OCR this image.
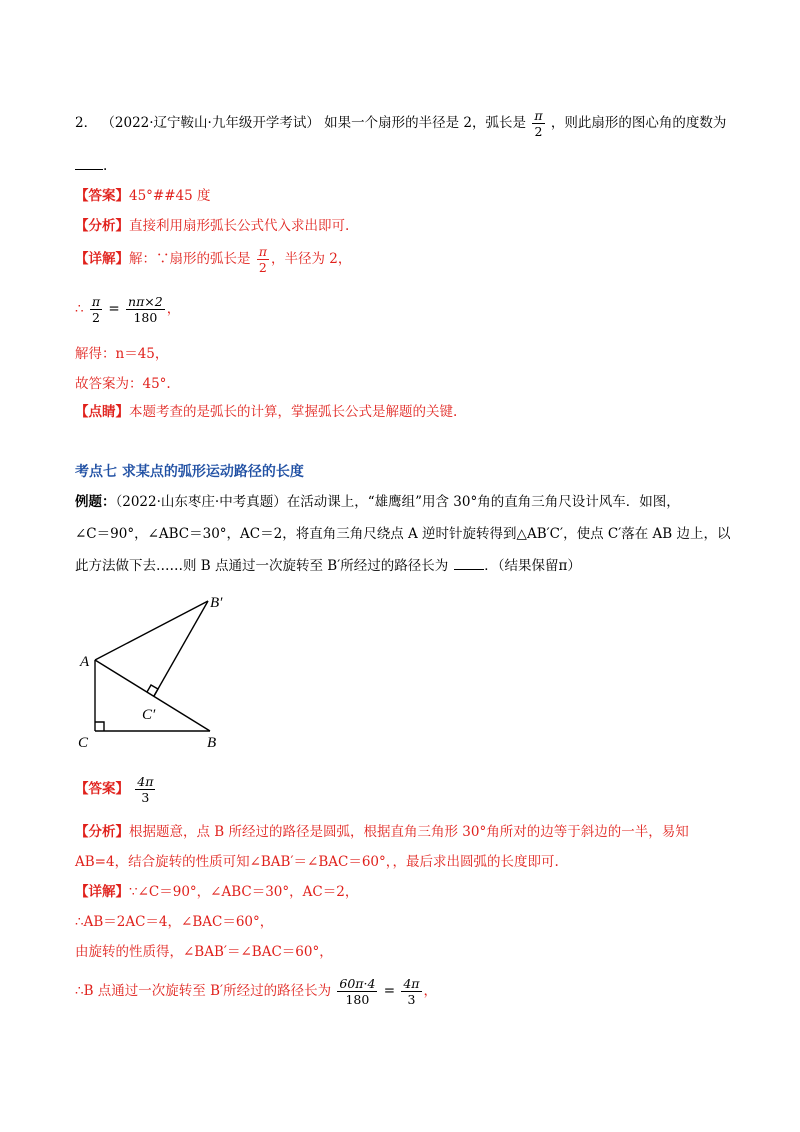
2． （2022·辽宁鞍山·九年级开学考试） 如果一个扇形的半径是 2，弧长是 $\frac{\pi}{2}$ ，则此扇形的图心角的度数为
.
【答案】45°##45 度
【分析】直接利用扇形弧长公式代入求出即可.
【详解】解：∵扇形的弧长是 $\frac{\pi}{2}$ ，半径为 2，
∴ $\frac{\pi}{2} = \frac{n\pi\times 2}{180}$ ，
解得：n＝45，
故答案为：45°.
【点睛】本题考查的是弧长的计算，掌握弧长公式是解题的关键.
考点七 求某点的弧形运动路径的长度
例题：（2022·山东枣庄·中考真题）在活动课上，“雄鹰组”用含 30°角的直角三角尺设计风车．如图，
∠C＝90°，∠ABC＝30°，AC＝2，将直角三角尺绕点 A 逆时针旋转得到△AB′C′，使点 C′落在 AB 边上，以
此方法做下去……则 B 点通过一次旋转至 B′所经过的路径长为	．（结果保留π）
B′
A
C′
C	B
【答案】 $\frac{4\pi}{3}$
【分析】根据题意，点 B 所经过的路径是圆弧，根据直角三角形 30°角所对的边等于斜边的一半，易知
AB=4，结合旋转的性质可知∠BAB′＝∠BAC＝60°，，最后求出圆弧的长度即可.
【详解】∵∠C＝90°，∠ABC＝30°，AC＝2，
∴AB＝2AC＝4，∠BAC＝60°，
由旋转的性质得，∠BAB′＝∠BAC＝60°，
∴B 点通过一次旋转至 B′所经过的路径长为 $\frac{60\pi\cdot 4}{180} = \frac{4\pi}{3}$ ，
